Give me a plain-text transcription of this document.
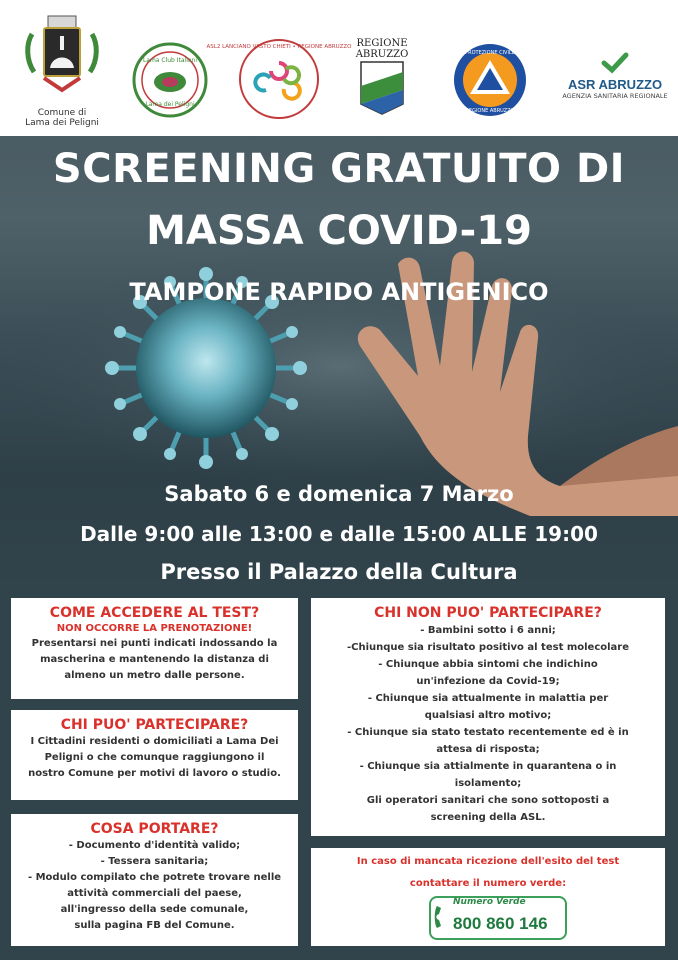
Comune di
Lama dei Peligni
Lama Club Italiani
Lama dei Peligni
ASL2 LANCIANO VASTO CHIETI • REGIONE ABRUZZO REGIONE
ABRUZZO	PROTEZIONE CIVILE
REGIONE ABRUZZO
ASR ABRUZZO
AGENZIA SANITARIA REGIONALE
SCREENING GRATUITO DI
MASSA COVID-19
TAMPONE RAPIDO ANTIGENICO
Sabato 6 e domenica 7 Marzo
Dalle 9:00 alle 13:00 e dalle 15:00 ALLE 19:00
Presso il Palazzo della Cultura
COME ACCEDERE AL TEST?
NON OCCORRE LA PRENOTAZIONE!
Presentarsi nei punti indicati indossando la
mascherina e mantenendo la distanza di
almeno un metro dalle persone.
CHI PUO' PARTECIPARE?
I Cittadini residenti o domiciliati a Lama Dei
Peligni o che comunque raggiungono il
nostro Comune per motivi di lavoro o studio.
COSA PORTARE?
- Documento d'identità valido;
- Tessera sanitaria;
- Modulo compilato che potrete trovare nelle
attività commerciali del paese,
all'ingresso della sede comunale,
sulla pagina FB del Comune.
CHI NON PUO' PARTECIPARE?
- Bambini sotto i 6 anni;
-Chiunque sia risultato positivo al test molecolare
- Chiunque abbia sintomi che indichino
un'infezione da Covid-19;
- Chiunque sia attualmente in malattia per
qualsiasi altro motivo;
- Chiunque sia stato testato recentemente ed è in
attesa di risposta;
- Chiunque sia attialmente in quarantena o in
isolamento;
Gli operatori sanitari che sono sottoposti a
screening della ASL.
In caso di mancata ricezione dell'esito del test
contattare il numero verde:
Numero Verde
800 860 146
